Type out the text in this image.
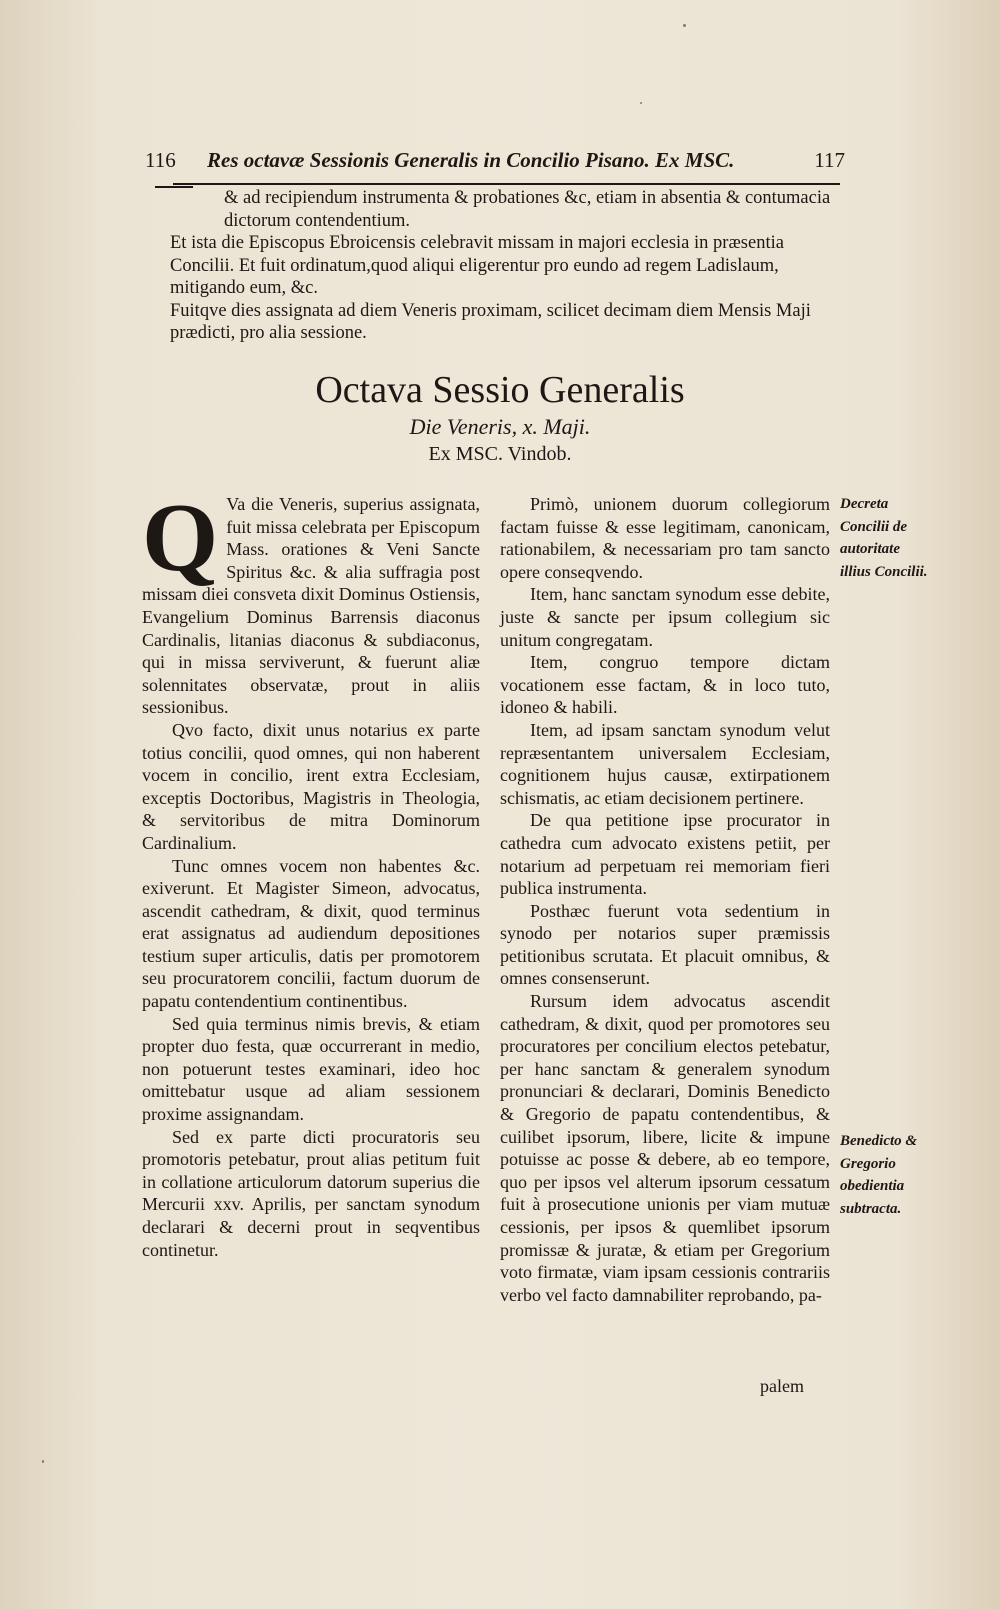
116 Res octavæ Sessionis Generalis in Concilio Pisano. Ex MSC.	117

& ad recipiendum instrumenta & probationes &c, etiam in absentia & contumacia dictorum contendentium.

Et ista die Episcopus Ebroicensis celebravit missam in majori ecclesia in præsentia Concilii. Et fuit ordinatum,quod aliqui eligerentur pro eundo ad regem Ladislaum, mitigando eum, &c.

Fuitqve dies assignata ad diem Veneris proximam, scilicet decimam diem Mensis Maji prædicti, pro alia sessione.

Octava Sessio Generalis
Die Veneris, x. Maji.
Ex MSC. Vindob.
Q Va die Veneris, superius assignata, fuit missa celebrata per Episcopum Mass. orationes & Veni Sancte Spiritus &c. & alia suffragia post missam diei consveta dixit Dominus Ostiensis, Evangelium Dominus Barrensis diaconus Cardinalis, litanias diaconus & subdiaconus, qui in missa serviverunt, & fuerunt aliæ solennitates observatæ, prout in aliis sessionibus.

Qvo facto, dixit unus notarius ex parte totius concilii, quod omnes, qui non haberent vocem in concilio, irent extra Ecclesiam, exceptis Doctoribus, Magistris in Theologia, & servitoribus de mitra Dominorum Cardinalium.

Tunc omnes vocem non habentes &c. exiverunt. Et Magister Simeon, advocatus, ascendit cathedram, & dixit, quod terminus erat assignatus ad audiendum depositiones testium super articulis, datis per promotorem seu procuratorem concilii, factum duorum de papatu contendentium continentibus.

Sed quia terminus nimis brevis, & etiam propter duo festa, quæ occurrerant in medio, non potuerunt testes examinari, ideo hoc omittebatur usque ad aliam sessionem proxime assignandam.

Sed ex parte dicti procuratoris seu promotoris petebatur, prout alias petitum fuit in collatione articulorum datorum superius die Mercurii xxv. Aprilis, per sanctam synodum declarari & decerni prout in seqventibus continetur.

Primò, unionem duorum collegiorum factam fuisse & esse legitimam, canonicam, rationabilem, & necessariam pro tam sancto opere conseqvendo.

Item, hanc sanctam synodum esse debite, juste & sancte per ipsum collegium sic unitum congregatam.

Item, congruo tempore dictam vocationem esse factam, & in loco tuto, idoneo & habili.

Item, ad ipsam sanctam synodum velut repræsentantem universalem Ecclesiam, cognitionem hujus causæ, extirpationem schismatis, ac etiam decisionem pertinere.

De qua petitione ipse procurator in cathedra cum advocato existens petiit, per notarium ad perpetuam rei memoriam fieri publica instrumenta.

Posthæc fuerunt vota sedentium in synodo per notarios super præmissis petitionibus scrutata. Et placuit omnibus, & omnes consenserunt.

Rursum idem advocatus ascendit cathedram, & dixit, quod per promotores seu procuratores per concilium electos petebatur, per hanc sanctam & generalem synodum pronunciari & declarari, Dominis Benedicto & Gregorio de papatu contendentibus, & cuilibet ipsorum, libere, licite & impune potuisse ac posse & debere, ab eo tempore, quo per ipsos vel alterum ipsorum cessatum fuit à prosecutione unionis per viam mutuæ cessionis, per ipsos & quemlibet ipsorum promissæ & juratæ, & etiam per Gregorium voto firmatæ, viam ipsam cessionis contrariis verbo vel facto damnabiliter reprobando, pa-

Decreta Concilii de autoritate illius Concilii.
Benedicto & Gregorio obedientia subtracta.
palem
